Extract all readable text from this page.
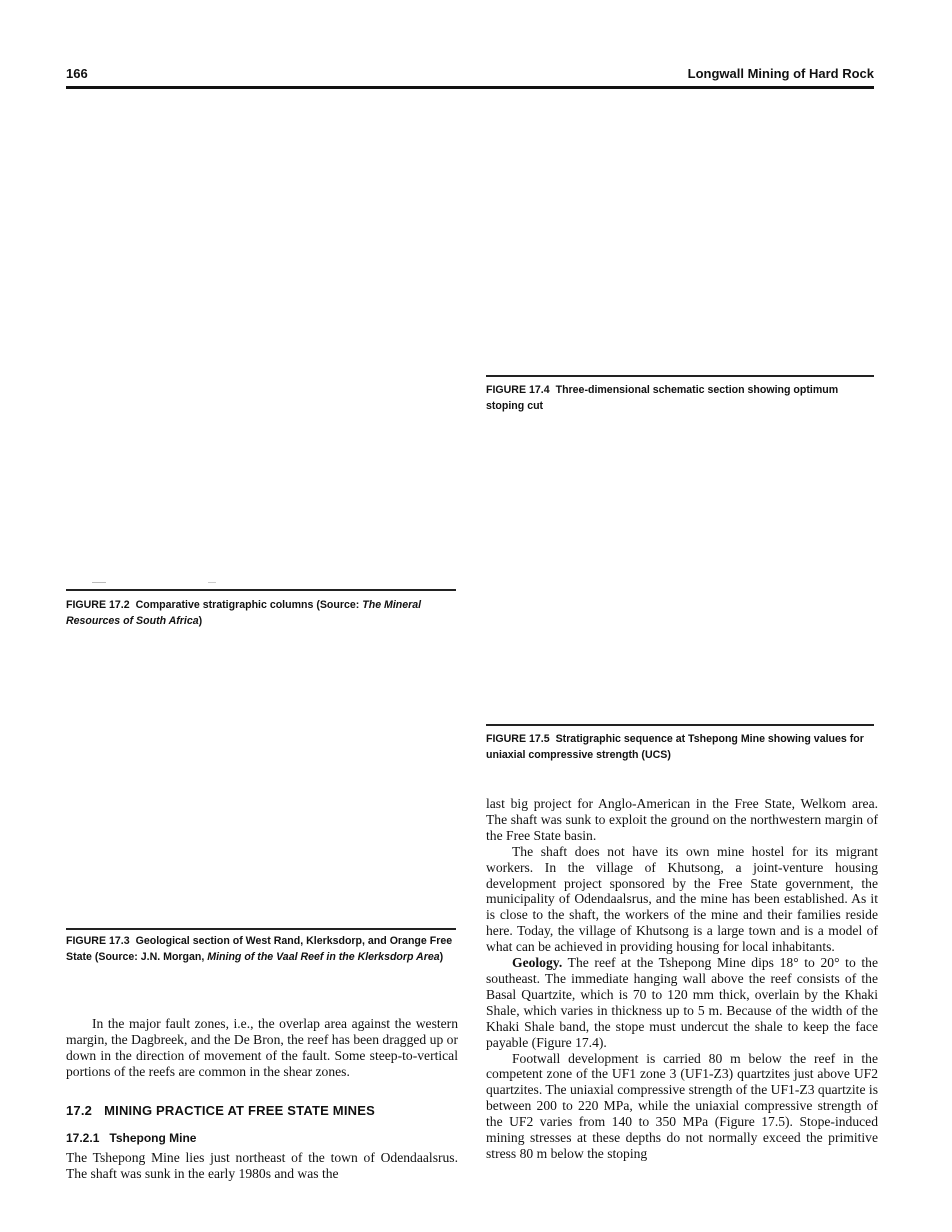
166	Longwall Mining of Hard Rock
FIGURE 17.4 Three-dimensional schematic section showing optimum stoping cut
FIGURE 17.2 Comparative stratigraphic columns (Source: The Mineral Resources of South Africa)
FIGURE 17.5 Stratigraphic sequence at Tshepong Mine showing values for uniaxial compressive strength (UCS)
FIGURE 17.3 Geological section of West Rand, Klerksdorp, and Orange Free State (Source: J.N. Morgan, Mining of the Vaal Reef in the Klerksdorp Area)

In the major fault zones, i.e., the overlap area against the western margin, the Dagbreek, and the De Bron, the reef has been dragged up or down in the direction of movement of the fault. Some steep-to-vertical portions of the reefs are common in the shear zones.

17.2 MINING PRACTICE AT FREE STATE MINES
17.2.1 Tshepong Mine

The Tshepong Mine lies just northeast of the town of Odendaalsrus. The shaft was sunk in the early 1980s and was the

last big project for Anglo-American in the Free State, Welkom area. The shaft was sunk to exploit the ground on the northwestern margin of the Free State basin.

The shaft does not have its own mine hostel for its migrant workers. In the village of Khutsong, a joint-venture housing development project sponsored by the Free State government, the municipality of Odendaalsrus, and the mine has been established. As it is close to the shaft, the workers of the mine and their families reside here. Today, the village of Khutsong is a large town and is a model of what can be achieved in providing housing for local inhabitants.

Geology. The reef at the Tshepong Mine dips 18° to 20° to the southeast. The immediate hanging wall above the reef consists of the Basal Quartzite, which is 70 to 120 mm thick, overlain by the Khaki Shale, which varies in thickness up to 5 m. Because of the width of the Khaki Shale band, the stope must undercut the shale to keep the face payable (Figure 17.4).

Footwall development is carried 80 m below the reef in the competent zone of the UF1 zone 3 (UF1-Z3) quartzites just above UF2 quartzites. The uniaxial compressive strength of the UF1-Z3 quartzite is between 200 to 220 MPa, while the uniaxial compressive strength of the UF2 varies from 140 to 350 MPa (Figure 17.5). Stope-induced mining stresses at these depths do not normally exceed the primitive stress 80 m below the stoping
